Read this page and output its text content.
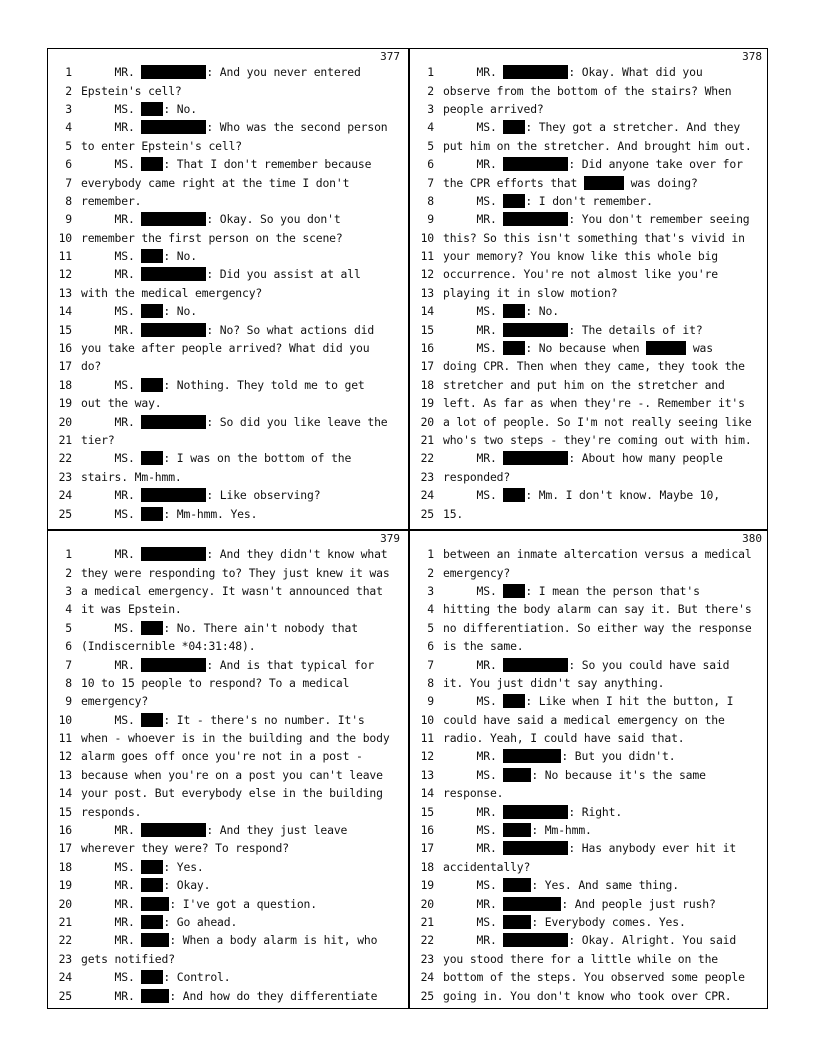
377
1 MR.	: And you never entered
2 Epstein's cell?
3 MS. : No.
4 MR.	: Who was the second person
5 to enter Epstein's cell?
6 MS. : That I don't remember because
7 everybody came right at the time I don't
8 remember.
9 MR.	: Okay. So you don't
10 remember the first person on the scene?
11 MS. : No.
12 MR.	: Did you assist at all
13 with the medical emergency?
14 MS. : No.
15 MR.	: No? So what actions did
16 you take after people arrived? What did you
17 do?
18 MS. : Nothing. They told me to get
19 out the way.
20 MR.	: So did you like leave the
21 tier?
22 MS. : I was on the bottom of the
23 stairs. Mm-hmm.
24 MR.	: Like observing?
25 MS. : Mm-hmm. Yes.
378
1 MR.	: Okay. What did you
2 observe from the bottom of the stairs? When
3 people arrived?
4 MS. : They got a stretcher. And they
5 put him on the stretcher. And brought him out.
6 MR.	: Did anyone take over for
7 the CPR efforts that	was doing?
8 MS. : I don't remember.
9 MR.	: You don't remember seeing
10 this? So this isn't something that's vivid in
11 your memory? You know like this whole big
12 occurrence. You're not almost like you're
13 playing it in slow motion?
14 MS. : No.
15 MR.	: The details of it?
16 MS. : No because when	was
17 doing CPR. Then when they came, they took the
18 stretcher and put him on the stretcher and
19 left. As far as when they're -. Remember it's
20 a lot of people. So I'm not really seeing like
21 who's two steps - they're coming out with him.
22 MR.	: About how many people
23 responded?
24 MS. : Mm. I don't know. Maybe 10,
25 15.
379
1 MR.	: And they didn't know what
2 they were responding to? They just knew it was
3 a medical emergency. It wasn't announced that
4 it was Epstein.
5 MS. : No. There ain't nobody that
6 (Indiscernible *04:31:48).
7 MR.	: And is that typical for
8 10 to 15 people to respond? To a medical
9 emergency?
10 MS. : It - there's no number. It's
11 when - whoever is in the building and the body
12 alarm goes off once you're not in a post -
13 because when you're on a post you can't leave
14 your post. But everybody else in the building
15 responds.
16 MR.	: And they just leave
17 wherever they were? To respond?
18 MS. : Yes.
19 MR. : Okay.
20 MR. : I've got a question.
21 MR. : Go ahead.
22 MR. : When a body alarm is hit, who
23 gets notified?
24 MS. : Control.
25 MR. : And how do they differentiate
380
1 between an inmate altercation versus a medical
2 emergency?
3 MS. : I mean the person that's
4 hitting the body alarm can say it. But there's
5 no differentiation. So either way the response
6 is the same.
7 MR.	: So you could have said
8 it. You just didn't say anything.
9 MS. : Like when I hit the button, I
10 could have said a medical emergency on the
11 radio. Yeah, I could have said that.
12 MR.	: But you didn't.
13 MS. : No because it's the same
14 response.
15 MR.	: Right.
16 MS. : Mm-hmm.
17 MR.	: Has anybody ever hit it
18 accidentally?
19 MS. : Yes. And same thing.
20 MR.	: And people just rush?
21 MS. : Everybody comes. Yes.
22 MR.	: Okay. Alright. You said
23 you stood there for a little while on the
24 bottom of the steps. You observed some people
25 going in. You don't know who took over CPR.
